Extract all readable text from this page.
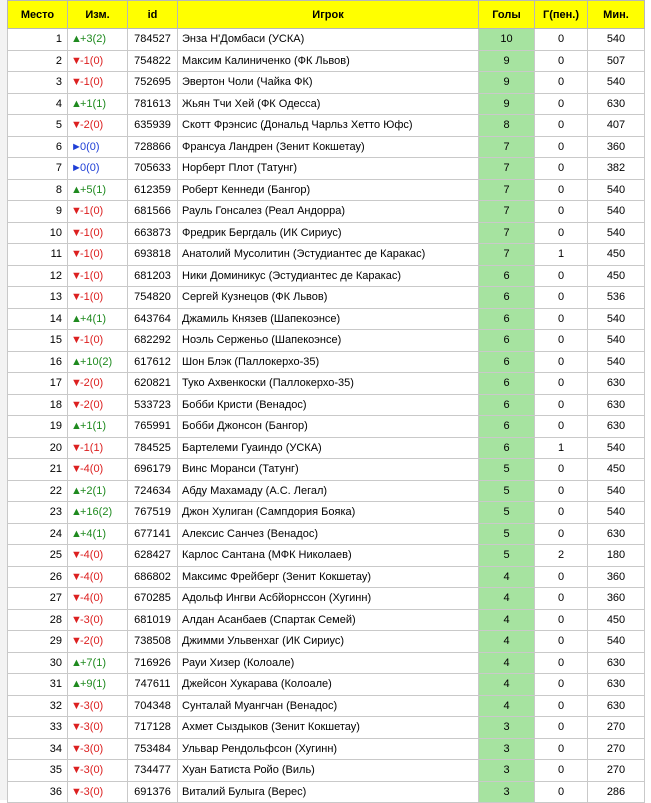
Место	Изм.	id	Игрок	Голы	Г(пен.)	Мин.
1	▲+3(2)	784527	Энза Н'Домбаси (УСКА)	10	0	540
2	▼-1(0)	754822	Максим Калиниченко (ФК Львов)	9	0	507
3	▼-1(0)	752695	Эвертон Чоли (Чайка ФК)	9	0	540
4	▲+1(1)	781613	Жьян Тчи Хей (ФК Одесса)	9	0	630
5	▼-2(0)	635939	Скотт Фрэнсис (Дональд Чарльз Хеттo Юфс)	8	0	407
6	►0(0)	728866	Франсуа Ландрен (Зенит Кокшетау)	7	0	360
7	►0(0)	705633	Норберт Плот (Татунг)	7	0	382
8	▲+5(1)	612359	Роберт Кеннеди (Бангор)	7	0	540
9	▼-1(0)	681566	Рауль Гонсалез (Реал Андорра)	7	0	540
10	▼-1(0)	663873	Фредрик Бергдаль (ИК Сириус)	7	0	540
11	▼-1(0)	693818	Анатолий Мусолитин (Эстудиантес де Каракас)	7	1	450
12	▼-1(0)	681203	Ники Доминикус (Эстудиантес де Каракас)	6	0	450
13	▼-1(0)	754820	Сергей Кузнецов (ФК Львов)	6	0	536
14	▲+4(1)	643764	Джамиль Князев (Шапекоэнсе)	6	0	540
15	▼-1(0)	682292	Ноэль Серженьо (Шапекоэнсе)	6	0	540
16	▲+10(2)	617612	Шон Блэк (Паллокерхо-35)	6	0	540
17	▼-2(0)	620821	Туко Ахвенкоски (Паллокерхо-35)	6	0	630
18	▼-2(0)	533723	Бобби Кристи (Венадос)	6	0	630
19	▲+1(1)	765991	Бобби Джонсон (Бангор)	6	0	630
20	▼-1(1)	784525	Бартелеми Гуаиндо (УСКА)	6	1	540
21	▼-4(0)	696179	Винс Моранси (Татунг)	5	0	450
22	▲+2(1)	724634	Абду Махамаду (А.С. Легал)	5	0	540
23	▲+16(2)	767519	Джон Хулиган (Сампдория Бояка)	5	0	540
24	▲+4(1)	677141	Алексис Санчез (Венадос)	5	0	630
25	▼-4(0)	628427	Карлос Сантана (МФК Николаев)	5	2	180
26	▼-4(0)	686802	Максимс Фрейберг (Зенит Кокшетау)	4	0	360
27	▼-4(0)	670285	Адольф Ингви Асбйорнссон (Хугинн)	4	0	360
28	▼-3(0)	681019	Алдан Асанбаев (Спартак Семей)	4	0	450
29	▼-2(0)	738508	Джимми Ульвенхаг (ИК Сириус)	4	0	540
30	▲+7(1)	716926	Рауи Хизер (Колоале)	4	0	630
31	▲+9(1)	747611	Джейсон Хукарава (Колоале)	4	0	630
32	▼-3(0)	704348	Сунталай Муангчан (Венадос)	4	0	630
33	▼-3(0)	717128	Ахмет Сыздыков (Зенит Кокшетау)	3	0	270
34	▼-3(0)	753484	Ульвар Рендольфсон (Хугинн)	3	0	270
35	▼-3(0)	734477	Хуан Батиста Ройо (Виль)	3	0	270
36	▼-3(0)	691376	Виталий Булыга (Верес)	3	0	286
